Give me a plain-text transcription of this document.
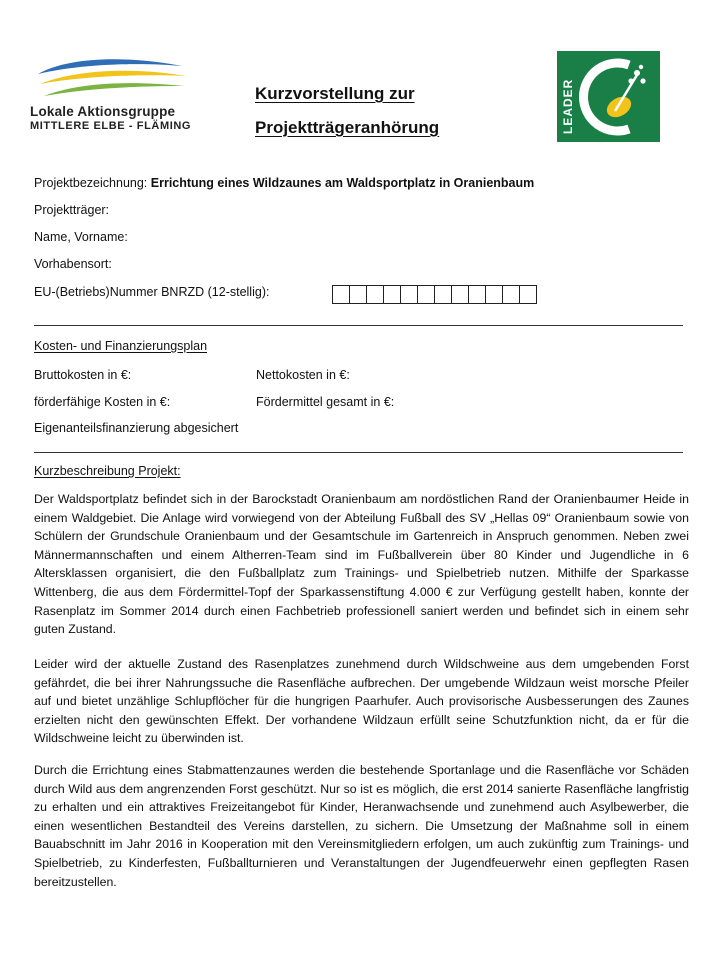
Lokale Aktionsgruppe
MITTLERE ELBE - FLÄMING
Kurzvorstellung zur
Projektträgeranhörung	LEADER
Projektbezeichnung: Errichtung eines Wildzaunes am Waldsportplatz in Oranienbaum
Projektträger:
Name, Vorname:
Vorhabensort:
EU-(Betriebs)Nummer BNRZD (12-stellig):
Kosten- und Finanzierungsplan
Bruttokosten in €:	Nettokosten in €:
förderfähige Kosten in €:	Fördermittel gesamt in €:
Eigenanteilsfinanzierung abgesichert
Kurzbeschreibung Projekt:
Der Waldsportplatz befindet sich in der Barockstadt Oranienbaum am nordöstlichen Rand der Oranienbaumer Heide in einem Waldgebiet. Die Anlage wird vorwiegend von der Abteilung Fußball des SV „Hellas 09“ Oranienbaum sowie von Schülern der Grundschule Oranienbaum und der Gesamtschule im Gartenreich in Anspruch genommen. Neben zwei Männermannschaften und einem Altherren-Team sind im Fußballverein über 80 Kinder und Jugendliche in 6 Altersklassen organisiert, die den Fußballplatz zum Trainings- und Spielbetrieb nutzen. Mithilfe der Sparkasse Wittenberg, die aus dem Fördermittel-Topf der Sparkassenstiftung 4.000 € zur Verfügung gestellt haben, konnte der Rasenplatz im Sommer 2014 durch einen Fachbetrieb professionell saniert werden und befindet sich in einem sehr guten Zustand.
Leider wird der aktuelle Zustand des Rasenplatzes zunehmend durch Wildschweine aus dem umgebenden Forst gefährdet, die bei ihrer Nahrungssuche die Rasenfläche aufbrechen. Der umgebende Wildzaun weist morsche Pfeiler auf und bietet unzählige Schlupflöcher für die hungrigen Paarhufer. Auch provisorische Ausbesserungen des Zaunes erzielten nicht den gewünschten Effekt. Der vorhandene Wildzaun erfüllt seine Schutzfunktion nicht, da er für die Wildschweine leicht zu überwinden ist.
Durch die Errichtung eines Stabmattenzaunes werden die bestehende Sportanlage und die Rasenfläche vor Schäden durch Wild aus dem angrenzenden Forst geschützt. Nur so ist es möglich, die erst 2014 sanierte Rasenfläche langfristig zu erhalten und ein attraktives Freizeitangebot für Kinder, Heranwachsende und zunehmend auch Asylbewerber, die einen wesentlichen Bestandteil des Vereins darstellen, zu sichern. Die Umsetzung der Maßnahme soll in einem Bauabschnitt im Jahr 2016 in Kooperation mit den Vereinsmitgliedern erfolgen, um auch zukünftig zum Trainings- und Spielbetrieb, zu Kinderfesten, Fußballturnieren und Veranstaltungen der Jugendfeuerwehr einen gepflegten Rasen bereitzustellen.
